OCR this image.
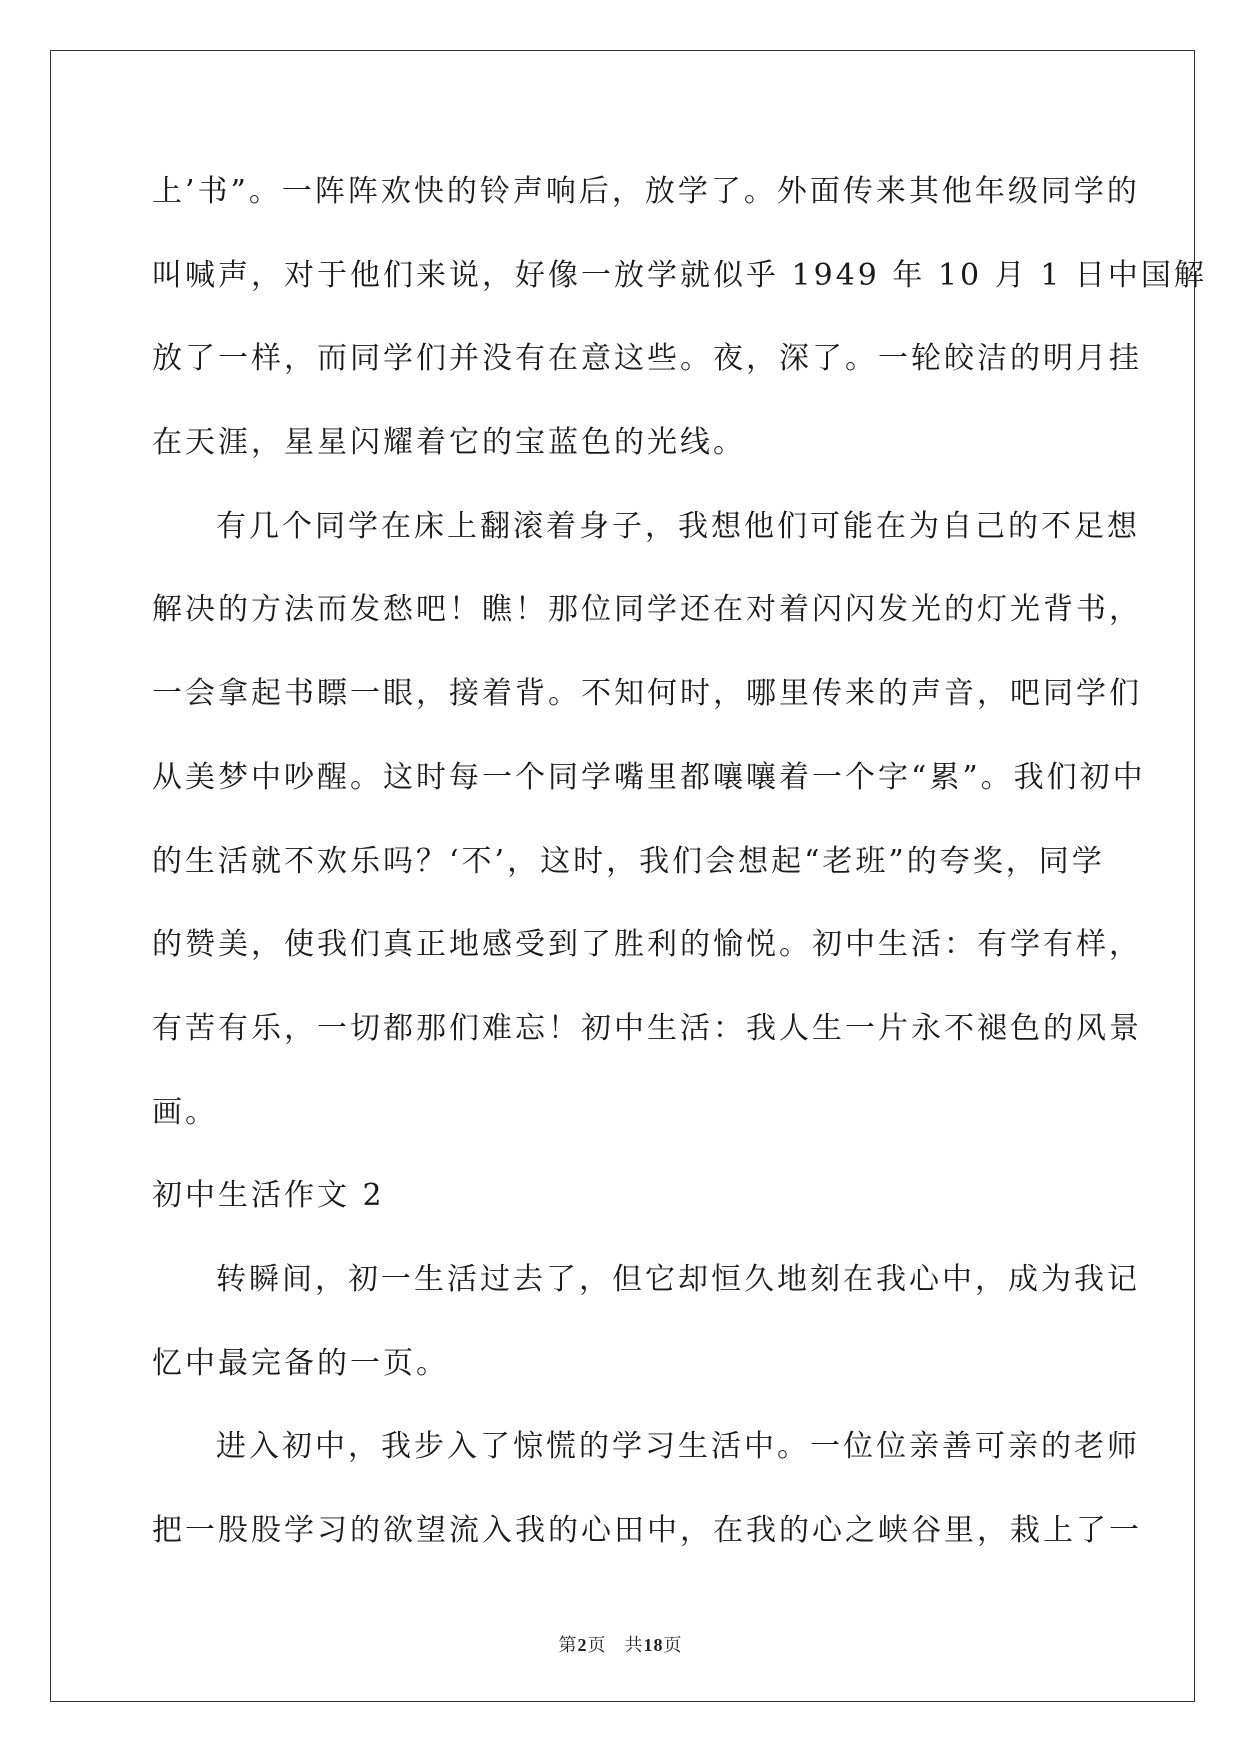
上’书”。一阵阵欢快的铃声响后，放学了。外面传来其他年级同学的
叫喊声，对于他们来说，好像一放学就似乎 1949 年 10 月 1 日中国解
放了一样，而同学们并没有在意这些。夜，深了。一轮皎洁的明月挂
在天涯，星星闪耀着它的宝蓝色的光线。
有几个同学在床上翻滚着身子，我想他们可能在为自己的不足想
解决的方法而发愁吧！瞧！那位同学还在对着闪闪发光的灯光背书，
一会拿起书瞟一眼，接着背。不知何时，哪里传来的声音，吧同学们
从美梦中吵醒。这时每一个同学嘴里都嚷嚷着一个字“累”。我们初中
的生活就不欢乐吗？‘不’，这时，我们会想起“老班”的夸奖，同学
的赞美，使我们真正地感受到了胜利的愉悦。初中生活：有学有样，
有苦有乐，一切都那们难忘！初中生活：我人生一片永不褪色的风景
画。
初中生活作文 2
转瞬间，初一生活过去了，但它却恒久地刻在我心中，成为我记
忆中最完备的一页。
进入初中，我步入了惊慌的学习生活中。一位位亲善可亲的老师
把一股股学习的欲望流入我的心田中，在我的心之峡谷里，栽上了一
第2页 共18页
